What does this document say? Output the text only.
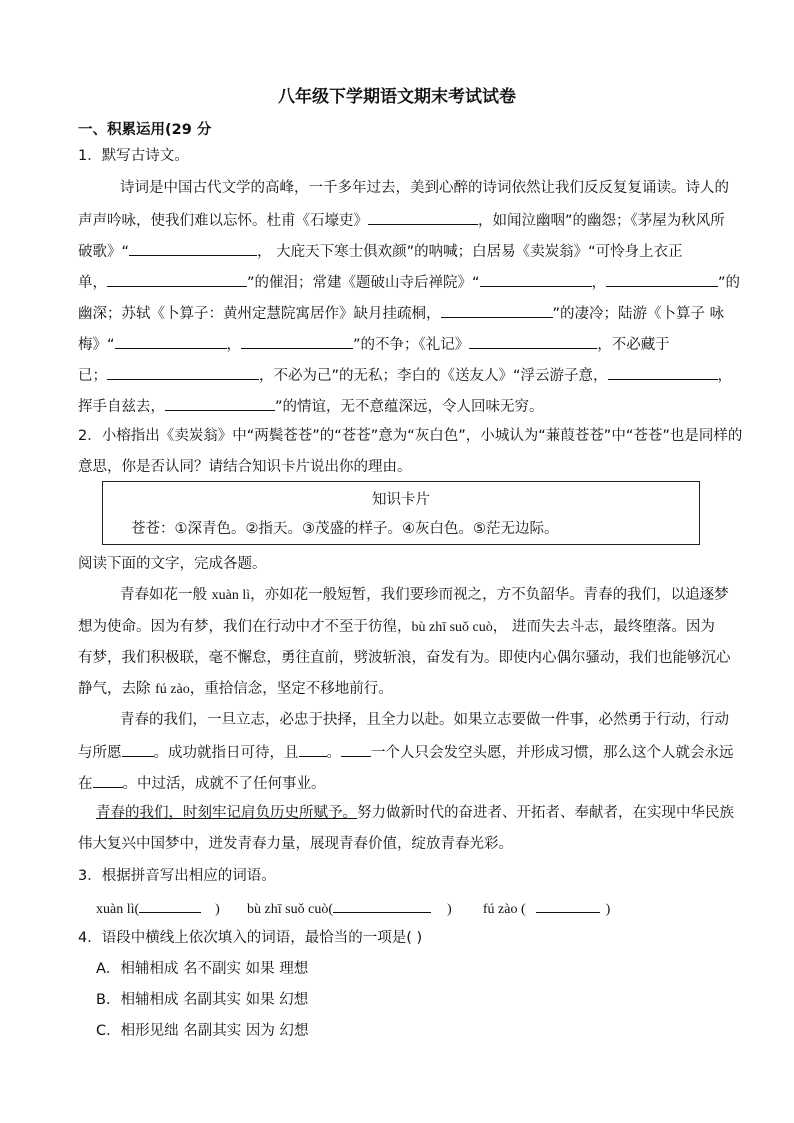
八年级下学期语文期末考试试卷
一、积累运用(29 分
1．默写古诗文。
诗词是中国古代文学的高峰，一千多年过去，美到心醉的诗词依然让我们反反复复诵读。诗人的
声声吟咏，使我们难以忘怀。杜甫《石壕吏》	，如闻泣幽咽”的幽怨；《茅屋为秋风所
破歌》“	， 大庇天下寒士俱欢颜”的呐喊；白居易《卖炭翁》“可怜身上衣正
单，	”的催泪；常建《题破山寺后禅院》“	，	”的
幽深；苏轼《卜算子：黄州定慧院寓居作》缺月挂疏桐，	”的凄冷；陆游《卜算子 咏
梅》“	，	”的不争；《礼记》	，不必藏于
已；	，不必为己”的无私；李白的《送友人》“浮云游子意，	，
挥手自兹去，	”的情谊，无不意蕴深远，令人回味无穷。
2．小榕指出《卖炭翁》中“两鬓苍苍”的“苍苍”意为“灰白色”，小城认为“蒹葭苍苍”中“苍苍”也是同样的
意思，你是否认同？请结合知识卡片说出你的理由。
知识卡片
苍苍：①深青色。②指天。③茂盛的样子。④灰白色。⑤茫无边际。
阅读下面的文字，完成各题。
青春如花一般 xuàn lì，亦如花一般短暂，我们要珍而视之，方不负韶华。青春的我们，以追逐梦
想为使命。因为有梦，我们在行动中才不至于彷徨，bù zhī suǒ cuò， 进而失去斗志，最终堕落。因为
有梦，我们积极联，毫不懈怠，勇往直前，劈波斩浪，奋发有为。即使内心偶尔骚动，我们也能够沉心
静气，去除 fú zào，重拾信念，坚定不移地前行。
青春的我们，一旦立志，必忠于抉择，且全力以赴。如果立志要做一件事，必然勇于行动，行动
与所愿 。成功就指日可待，且 。 一个人只会发空头愿，并形成习惯，那么这个人就会永远
在 。中过活，成就不了任何事业。
青春的我们，时刻牢记肩负历史所赋予。努力做新时代的奋进者、开拓者、奉献者，在实现中华民族
伟大复兴中国梦中，迸发青春力量，展现青春价值，绽放青春光彩。
3．根据拼音写出相应的词语。
xuàn lì(	) bù zhī suǒ cuò(	) fú zào (	)
4．语段中横线上依次填入的词语，最恰当的一项是( )
A．相辅相成 名不副实 如果 理想
B．相辅相成 名副其实 如果 幻想
C．相形见绌 名副其实 因为 幻想
